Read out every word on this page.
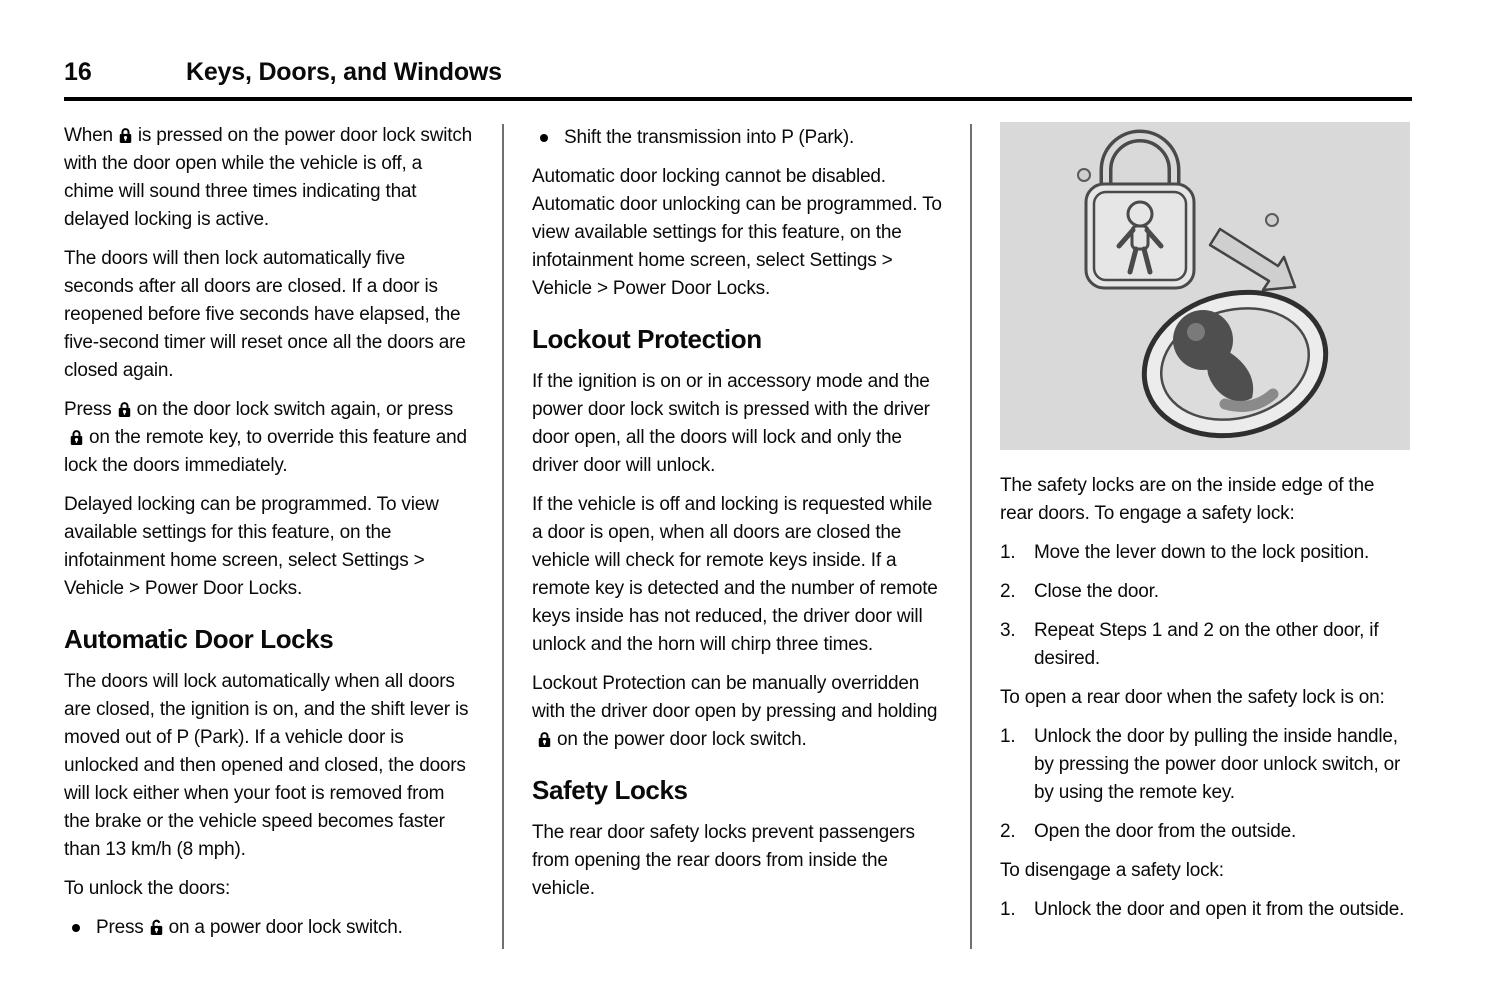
16	Keys, Doors, and Windows

When is pressed on the power door lock switch with the door open while the vehicle is off, a chime will sound three times indicating that delayed locking is active.

The doors will then lock automatically five seconds after all doors are closed. If a door is reopened before five seconds have elapsed, the five-second timer will reset once all the doors are closed again.

Press on the door lock switch again, or presson the remote key, to override this feature and lock the doors immediately.

Delayed locking can be programmed. To view available settings for this feature, on the infotainment home screen, select Settings > Vehicle > Power Door Locks.

Automatic Door Locks

The doors will lock automatically when all doors are closed, the ignition is on, and the shift lever is moved out of P (Park). If a vehicle door is unlocked and then opened and closed, the doors will lock either when your foot is removed from the brake or the vehicle speed becomes faster than 13 km/h (8 mph).

To unlock the doors:

Press on a power door lock switch.
Shift the transmission into P (Park).

Automatic door locking cannot be disabled. Automatic door unlocking can be programmed. To view available settings for this feature, on the infotainment home screen, select Settings > Vehicle > Power Door Locks.

Lockout Protection

If the ignition is on or in accessory mode and the power door lock switch is pressed with the driver door open, all the doors will lock and only the driver door will unlock.

If the vehicle is off and locking is requested while a door is open, when all doors are closed the vehicle will check for remote keys inside. If a remote key is detected and the number of remote keys inside has not reduced, the driver door will unlock and the horn will chirp three times.

Lockout Protection can be manually overridden with the driver door open by pressing and holdingon the power door lock switch.

Safety Locks

The rear door safety locks prevent passengers from opening the rear doors from inside the vehicle.

The safety locks are on the inside edge of the rear doors. To engage a safety lock:

1. Move the lever down to the lock position.
2. Close the door.
3. Repeat Steps 1 and 2 on the other door, if desired.

To open a rear door when the safety lock is on:

1. Unlock the door by pulling the inside handle, by pressing the power door unlock switch, or by using the remote key.
2. Open the door from the outside.

To disengage a safety lock:

1. Unlock the door and open it from the outside.
